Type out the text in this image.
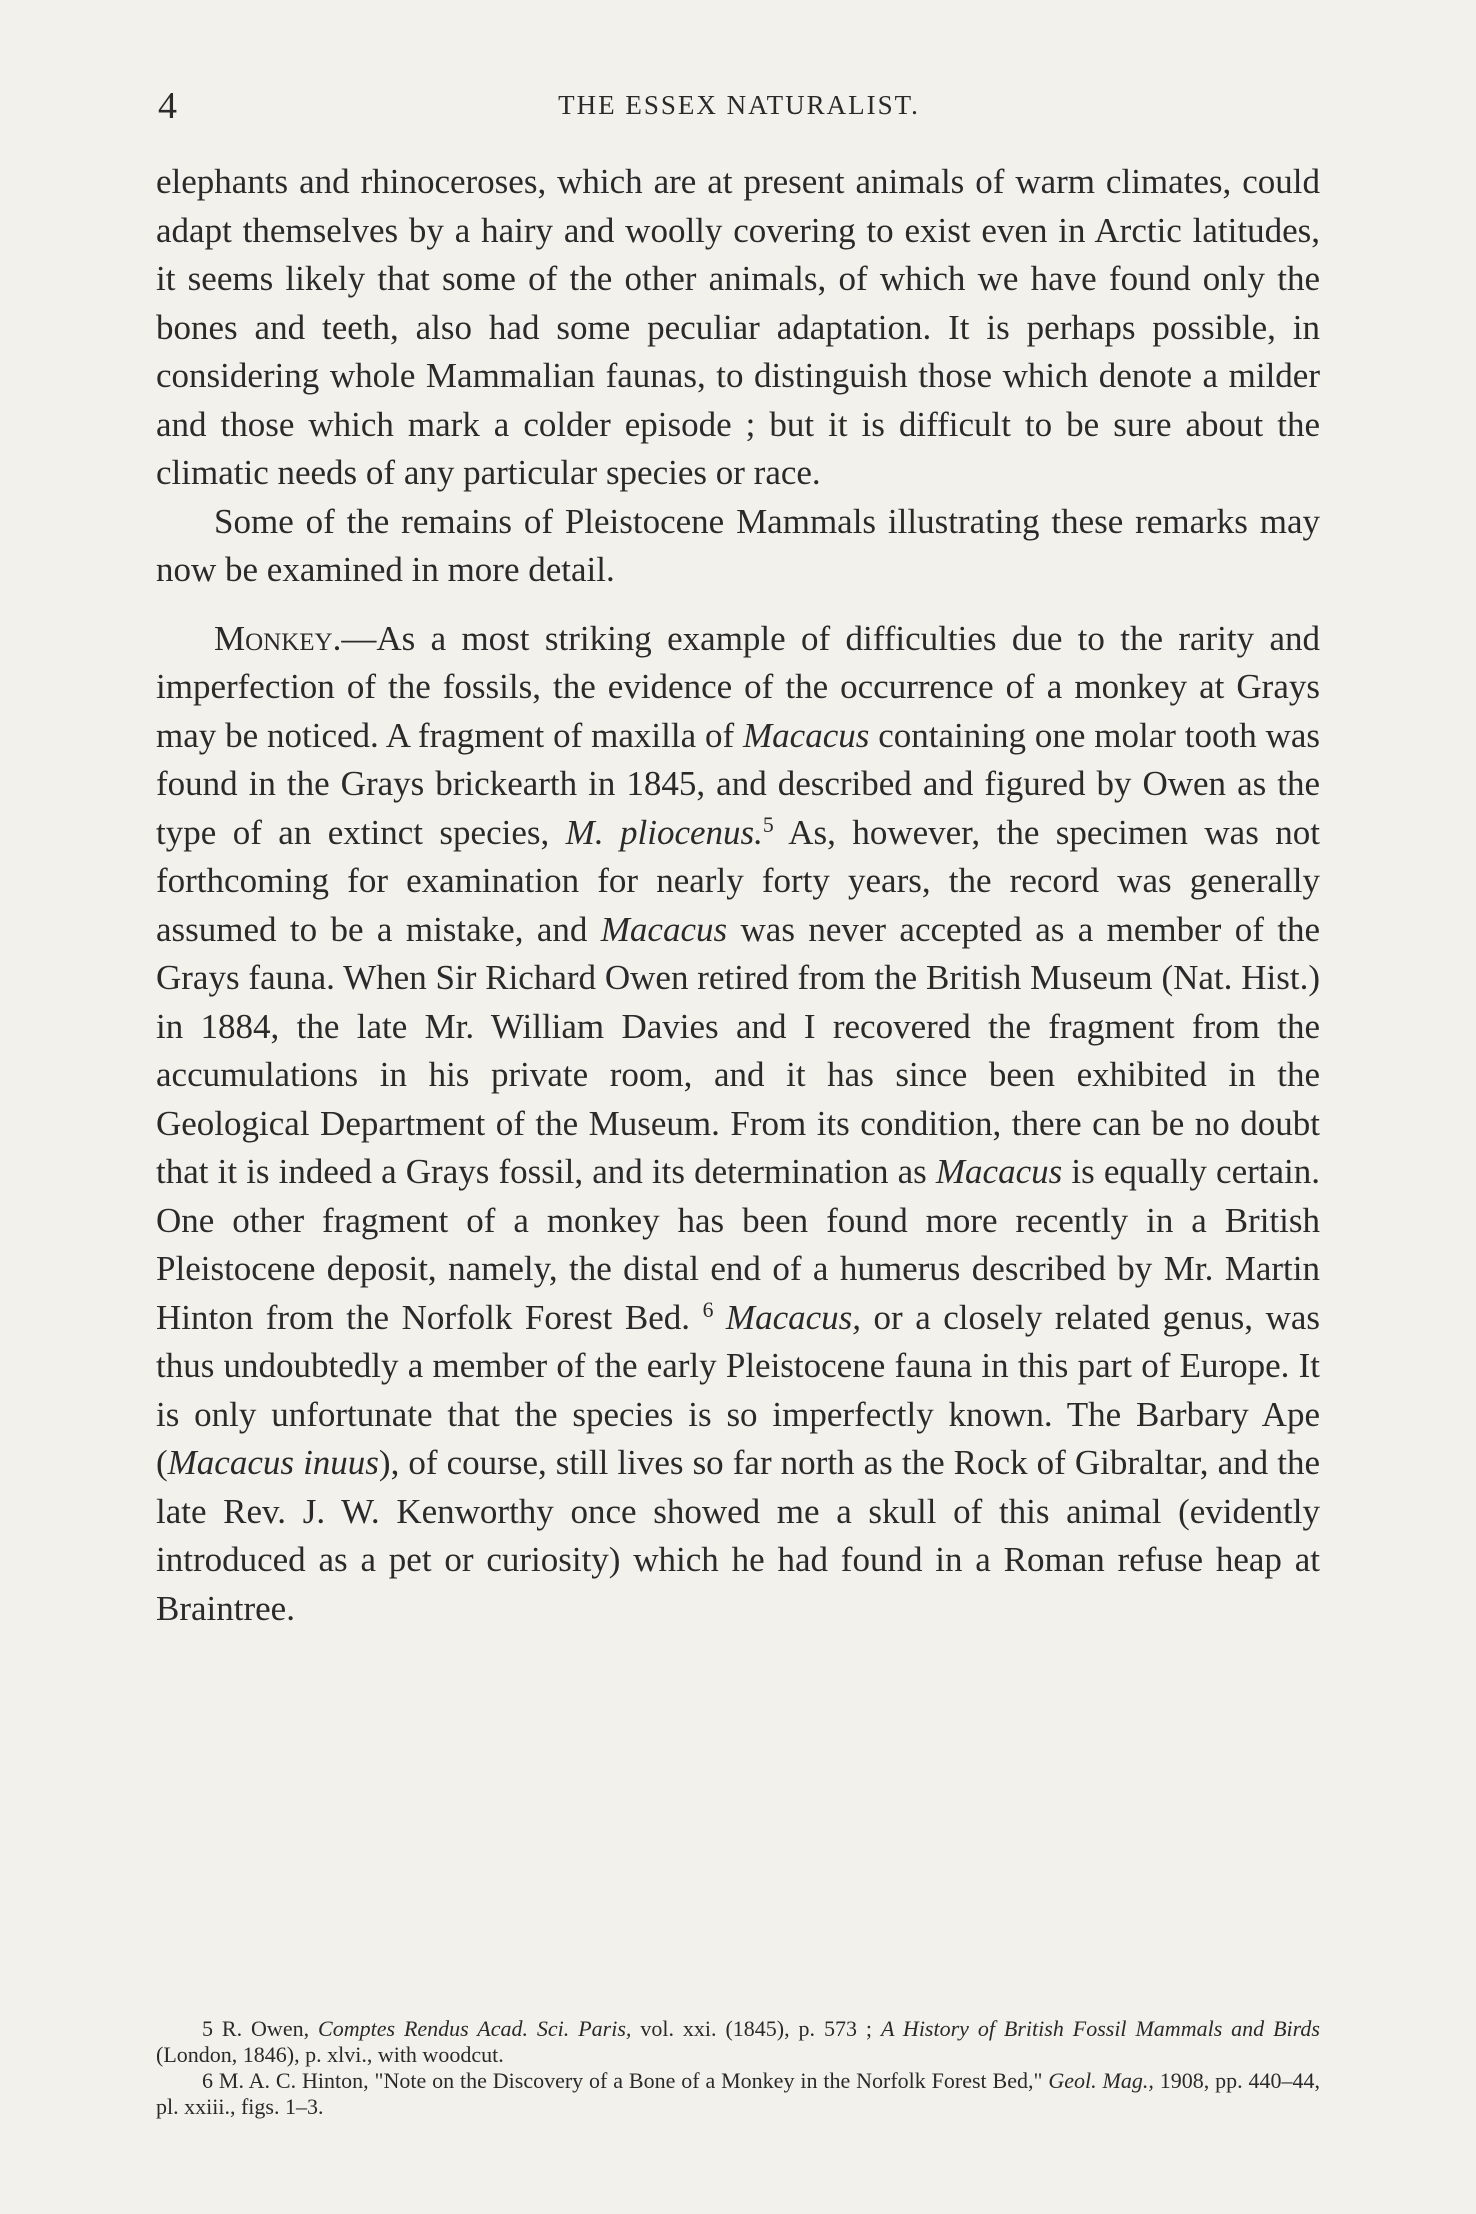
4	THE ESSEX NATURALIST.

elephants and rhinoceroses, which are at present animals of warm climates, could adapt themselves by a hairy and woolly covering to exist even in Arctic latitudes, it seems likely that some of the other animals, of which we have found only the bones and teeth, also had some peculiar adaptation. It is perhaps possible, in considering whole Mammalian faunas, to distinguish those which denote a milder and those which mark a colder episode ; but it is difficult to be sure about the climatic needs of any particular species or race.

Some of the remains of Pleistocene Mammals illustrating these remarks may now be examined in more detail.

Monkey.—As a most striking example of difficulties due to the rarity and imperfection of the fossils, the evidence of the occurrence of a monkey at Grays may be noticed. A fragment of maxilla of Macacus containing one molar tooth was found in the Grays brickearth in 1845, and described and figured by Owen as the type of an extinct species, M. pliocenus.$^5$ As, however, the specimen was not forthcoming for examination for nearly forty years, the record was generally assumed to be a mistake, and Macacus was never accepted as a member of the Grays fauna. When Sir Richard Owen retired from the British Museum (Nat. Hist.) in 1884, the late Mr. William Davies and I recovered the fragment from the accumulations in his private room, and it has since been exhibited in the Geological Department of the Museum. From its condition, there can be no doubt that it is indeed a Grays fossil, and its determination as Macacus is equally certain. One other fragment of a monkey has been found more recently in a British Pleistocene deposit, namely, the distal end of a humerus described by Mr. Martin Hinton from the Norfolk Forest Bed. $^6$ Macacus, or a closely related genus, was thus undoubtedly a member of the early Pleistocene fauna in this part of Europe. It is only unfortunate that the species is so imperfectly known. The Barbary Ape (Macacus inuus), of course, still lives so far north as the Rock of Gibraltar, and the late Rev. J. W. Kenworthy once showed me a skull of this animal (evidently introduced as a pet or curiosity) which he had found in a Roman refuse heap at Braintree.

5 R. Owen, Comptes Rendus Acad. Sci. Paris, vol. xxi. (1845), p. 573 ; A History of British Fossil Mammals and Birds (London, 1846), p. xlvi., with woodcut.

6 M. A. C. Hinton, "Note on the Discovery of a Bone of a Monkey in the Norfolk Forest Bed," Geol. Mag., 1908, pp. 440–44, pl. xxiii., figs. 1–3.
